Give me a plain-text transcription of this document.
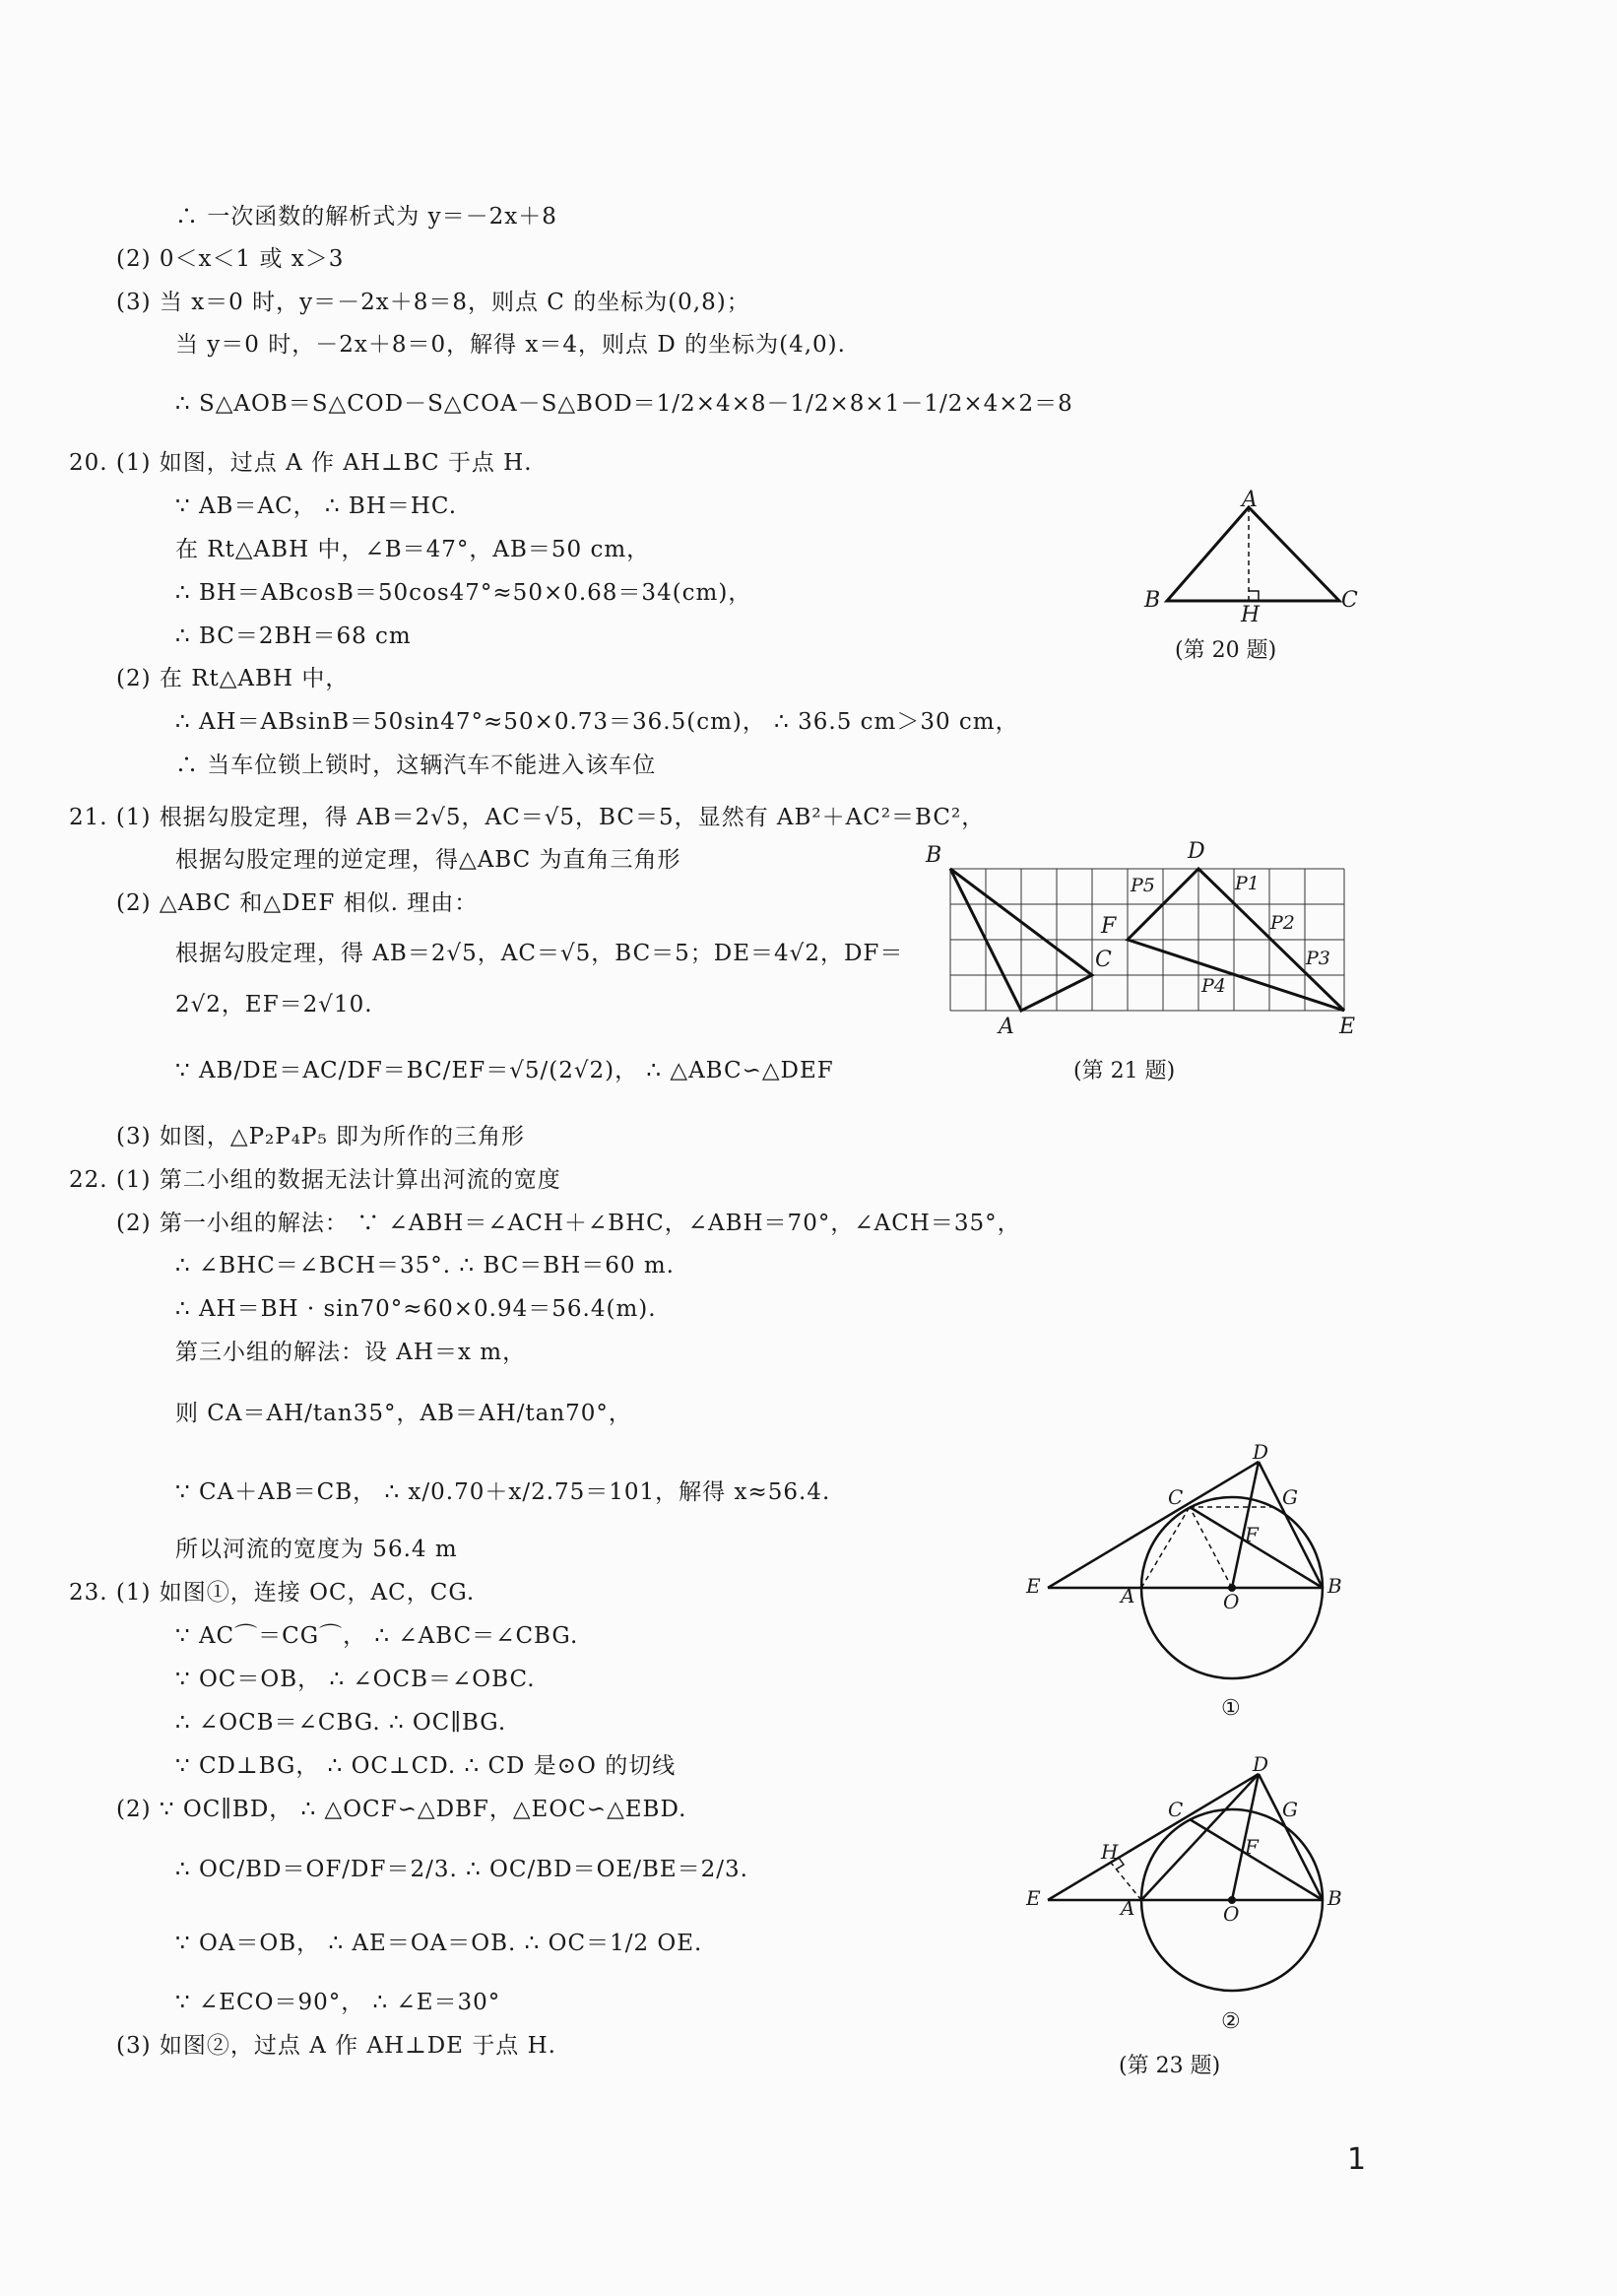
∴ 一次函数的解析式为 y＝－2x＋8
(2) 0＜x＜1 或 x＞3
(3) 当 x＝0 时，y＝－2x＋8＝8，则点 C 的坐标为(0,8)；
当 y＝0 时，－2x＋8＝0，解得 x＝4，则点 D 的坐标为(4,0).
∴ S△AOB＝S△COD－S△COA－S△BOD＝1/2×4×8－1/2×8×1－1/2×4×2＝8
20. (1) 如图，过点 A 作 AH⊥BC 于点 H.
∵ AB＝AC， ∴ BH＝HC.
在 Rt△ABH 中，∠B＝47°，AB＝50 cm，
∴ BH＝ABcosB＝50cos47°≈50×0.68＝34(cm)，
∴ BC＝2BH＝68 cm
(2) 在 Rt△ABH 中，
∴ AH＝ABsinB＝50sin47°≈50×0.73＝36.5(cm)， ∴ 36.5 cm＞30 cm，
∴ 当车位锁上锁时，这辆汽车不能进入该车位
21. (1) 根据勾股定理，得 AB＝2√5，AC＝√5，BC＝5，显然有 AB²＋AC²＝BC²，
根据勾股定理的逆定理，得△ABC 为直角三角形
(2) △ABC 和△DEF 相似. 理由：
根据勾股定理，得 AB＝2√5，AC＝√5，BC＝5；DE＝4√2，DF＝
2√2，EF＝2√10.
∵ AB/DE＝AC/DF＝BC/EF＝√5/(2√2)， ∴ △ABC∽△DEF
(3) 如图，△P₂P₄P₅ 即为所作的三角形
22. (1) 第二小组的数据无法计算出河流的宽度
(2) 第一小组的解法： ∵ ∠ABH＝∠ACH＋∠BHC，∠ABH＝70°，∠ACH＝35°，
∴ ∠BHC＝∠BCH＝35°. ∴ BC＝BH＝60 m.
∴ AH＝BH · sin70°≈60×0.94＝56.4(m).
第三小组的解法：设 AH＝x m，
则 CA＝AH/tan35°，AB＝AH/tan70°，
∵ CA＋AB＝CB， ∴ x/0.70＋x/2.75＝101，解得 x≈56.4.
所以河流的宽度为 56.4 m
23. (1) 如图①，连接 OC，AC，CG.
∵ AC⌒＝CG⌒， ∴ ∠ABC＝∠CBG.
∵ OC＝OB， ∴ ∠OCB＝∠OBC.
∴ ∠OCB＝∠CBG. ∴ OC∥BG.
∵ CD⊥BG， ∴ OC⊥CD. ∴ CD 是⊙O 的切线
(2) ∵ OC∥BD， ∴ △OCF∽△DBF，△EOC∽△EBD.
∴ OC/BD＝OF/DF＝2/3. ∴ OC/BD＝OE/BE＝2/3.
∵ OA＝OB， ∴ AE＝OA＝OB. ∴ OC＝1/2 OE.
∵ ∠ECO＝90°， ∴ ∠E＝30°
(3) 如图②，过点 A 作 AH⊥DE 于点 H.
A
B	C
H
(第 20 题)
B	D
A	E
C
F
P5	P1
P2
P3
P4
(第 21 题)
D
C	G
F
E	A	O
B
①
D
C	G
H	F
E	A	O
B
②
(第 23 题)
1
